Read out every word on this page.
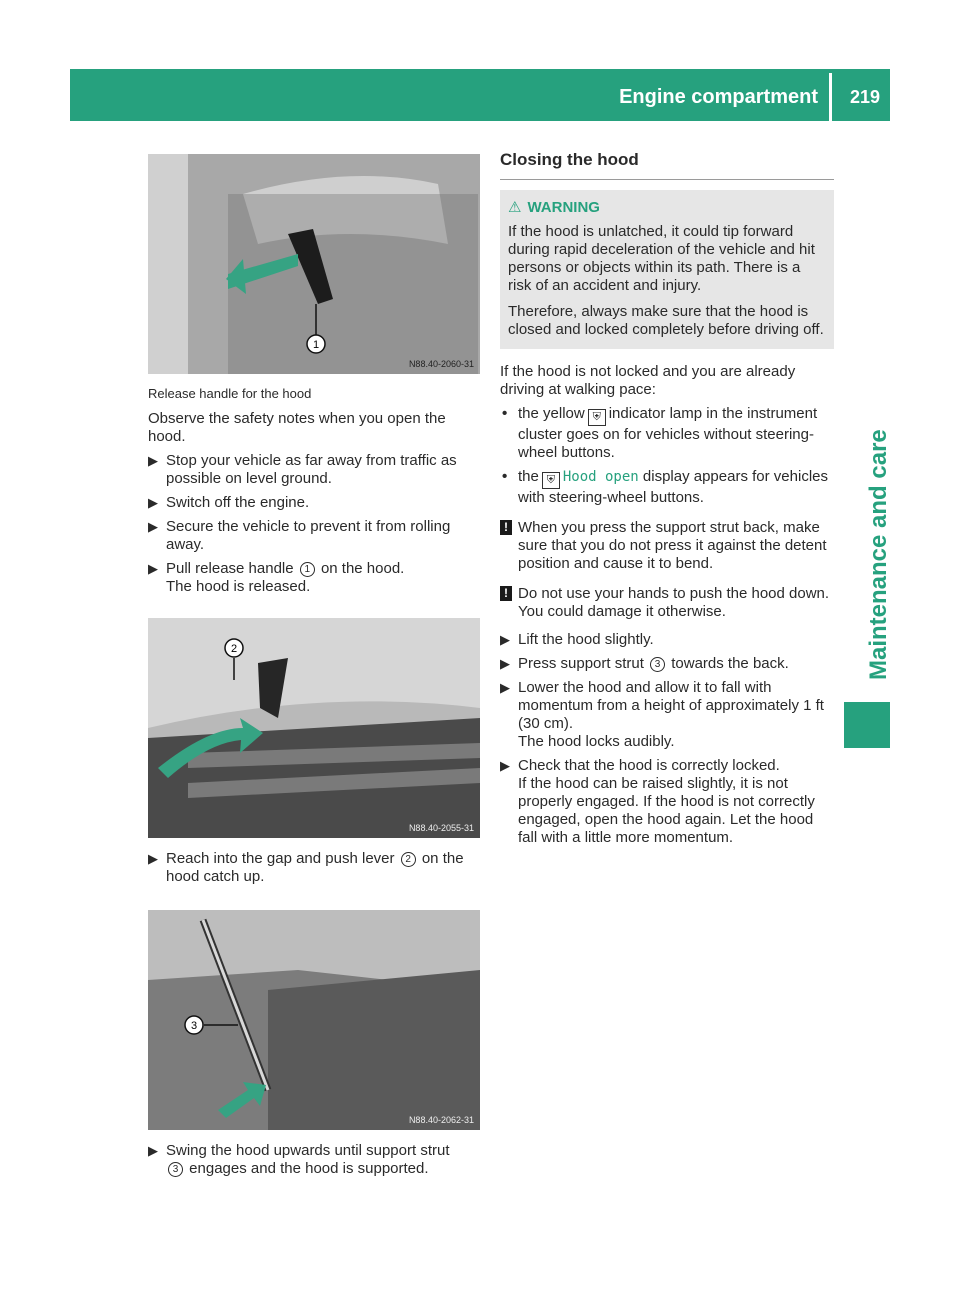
Engine compartment 219
Maintenance and care
1
N88.40-2060-31
Release handle for the hood

Observe the safety notes when you open the hood.

▶ Stop your vehicle as far away from traffic as possible on level ground.
▶ Switch off the engine.
▶ Secure the vehicle to prevent it from rolling away.
▶ Pull release handle 1 on the hood.
The hood is released.
2
N88.40-2055-31
▶ Reach into the gap and push lever 2 on the hood catch up.
3
N88.40-2062-31
▶ Swing the hood upwards until support strut
3 engages and the hood is supported.
Closing the hood
⚠ WARNING

If the hood is unlatched, it could tip forward during rapid deceleration of the vehicle and hit persons or objects within its path. There is a risk of an accident and injury.

Therefore, always make sure that the hood is closed and locked completely before driving off.

If the hood is not locked and you are already driving at walking pace:

• the yellow ⛨ indicator lamp in the instrument cluster goes on for vehicles without steering-wheel buttons.
• the ⛨ Hood open display appears for vehicles with steering-wheel buttons.
! When you press the support strut back, make sure that you do not press it against the detent position and cause it to bend.
! Do not use your hands to push the hood down. You could damage it otherwise.
▶ Lift the hood slightly.
▶ Press support strut 3 towards the back.
▶ Lower the hood and allow it to fall with momentum from a height of approximately 1 ft (30 cm).
The hood locks audibly.
▶ Check that the hood is correctly locked.
If the hood can be raised slightly, it is not properly engaged. If the hood is not correctly engaged, open the hood again. Let the hood fall with a little more momentum.
